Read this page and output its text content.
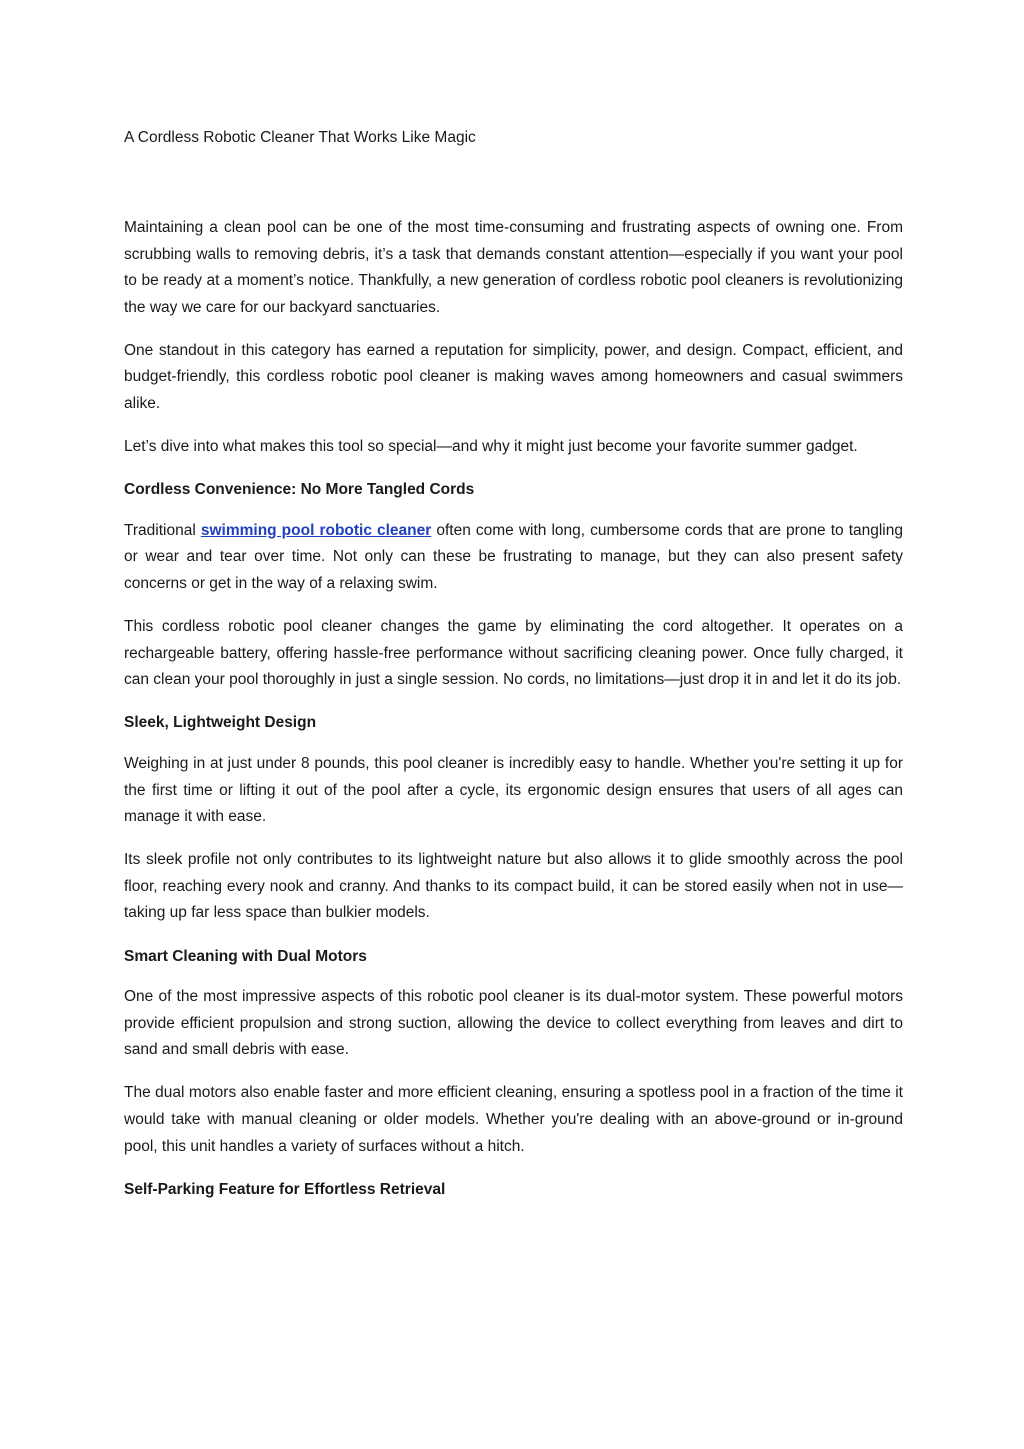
A Cordless Robotic Cleaner That Works Like Magic

Maintaining a clean pool can be one of the most time-consuming and frustrating aspects of owning one. From scrubbing walls to removing debris, it’s a task that demands constant attention—especially if you want your pool to be ready at a moment’s notice. Thankfully, a new generation of cordless robotic pool cleaners is revolutionizing the way we care for our backyard sanctuaries.

One standout in this category has earned a reputation for simplicity, power, and design. Compact, efficient, and budget-friendly, this cordless robotic pool cleaner is making waves among homeowners and casual swimmers alike.

Let’s dive into what makes this tool so special—and why it might just become your favorite summer gadget.

Cordless Convenience: No More Tangled Cords

Traditional swimming pool robotic cleaner often come with long, cumbersome cords that are prone to tangling or wear and tear over time. Not only can these be frustrating to manage, but they can also present safety concerns or get in the way of a relaxing swim.

This cordless robotic pool cleaner changes the game by eliminating the cord altogether. It operates on a rechargeable battery, offering hassle-free performance without sacrificing cleaning power. Once fully charged, it can clean your pool thoroughly in just a single session. No cords, no limitations—just drop it in and let it do its job.

Sleek, Lightweight Design

Weighing in at just under 8 pounds, this pool cleaner is incredibly easy to handle. Whether you're setting it up for the first time or lifting it out of the pool after a cycle, its ergonomic design ensures that users of all ages can manage it with ease.

Its sleek profile not only contributes to its lightweight nature but also allows it to glide smoothly across the pool floor, reaching every nook and cranny. And thanks to its compact build, it can be stored easily when not in use—taking up far less space than bulkier models.

Smart Cleaning with Dual Motors

One of the most impressive aspects of this robotic pool cleaner is its dual-motor system. These powerful motors provide efficient propulsion and strong suction, allowing the device to collect everything from leaves and dirt to sand and small debris with ease.

The dual motors also enable faster and more efficient cleaning, ensuring a spotless pool in a fraction of the time it would take with manual cleaning or older models. Whether you're dealing with an above-ground or in-ground pool, this unit handles a variety of surfaces without a hitch.

Self-Parking Feature for Effortless Retrieval
